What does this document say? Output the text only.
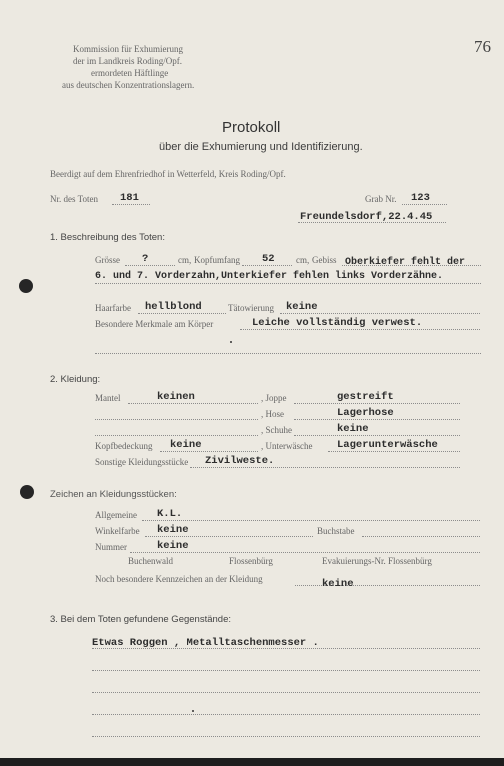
76
Kommission für Exhumierung
der im Landkreis Roding/Opf.
ermordeten Häftlinge
aus deutschen Konzentrationslagern.
Protokoll
über die Exhumierung und Identifizierung.
Beerdigt auf dem Ehrenfriedhof in Wetterfeld, Kreis Roding/Opf.
Nr. des Toten 181	Grab Nr. 123
Freundelsdorf,22.4.45
1. Beschreibung des Toten:
Grösse ?	cm, Kopfumfang 52 cm, Gebiss Oberkiefer fehlt der
6. und 7. Vorderzahn,Unterkiefer fehlen links Vorderzähne.
Haarfarbe hellblond	Tätowierung keine
Besondere Merkmale am Körper	Leiche vollständig verwest.
2. Kleidung:
Mantel	keinen	, Joppe	gestreift
, Hose	Lagerhose
, Schuhe	keine
Kopfbedeckung keine	, Unterwäsche Lagerunterwäsche
Sonstige Kleidungsstücke Zivilweste.
Zeichen an Kleidungsstücken:
Allgemeine K.L.
Winkelfarbe keine	Buchstabe
Nummer	keine
Buchenwald	Flossenbürg	Evakuierungs-Nr. Flossenbürg
Noch besondere Kennzeichen an der Kleidung	keine
3. Bei dem Toten gefundene Gegenstände:
Etwas Roggen , Metalltaschenmesser .
